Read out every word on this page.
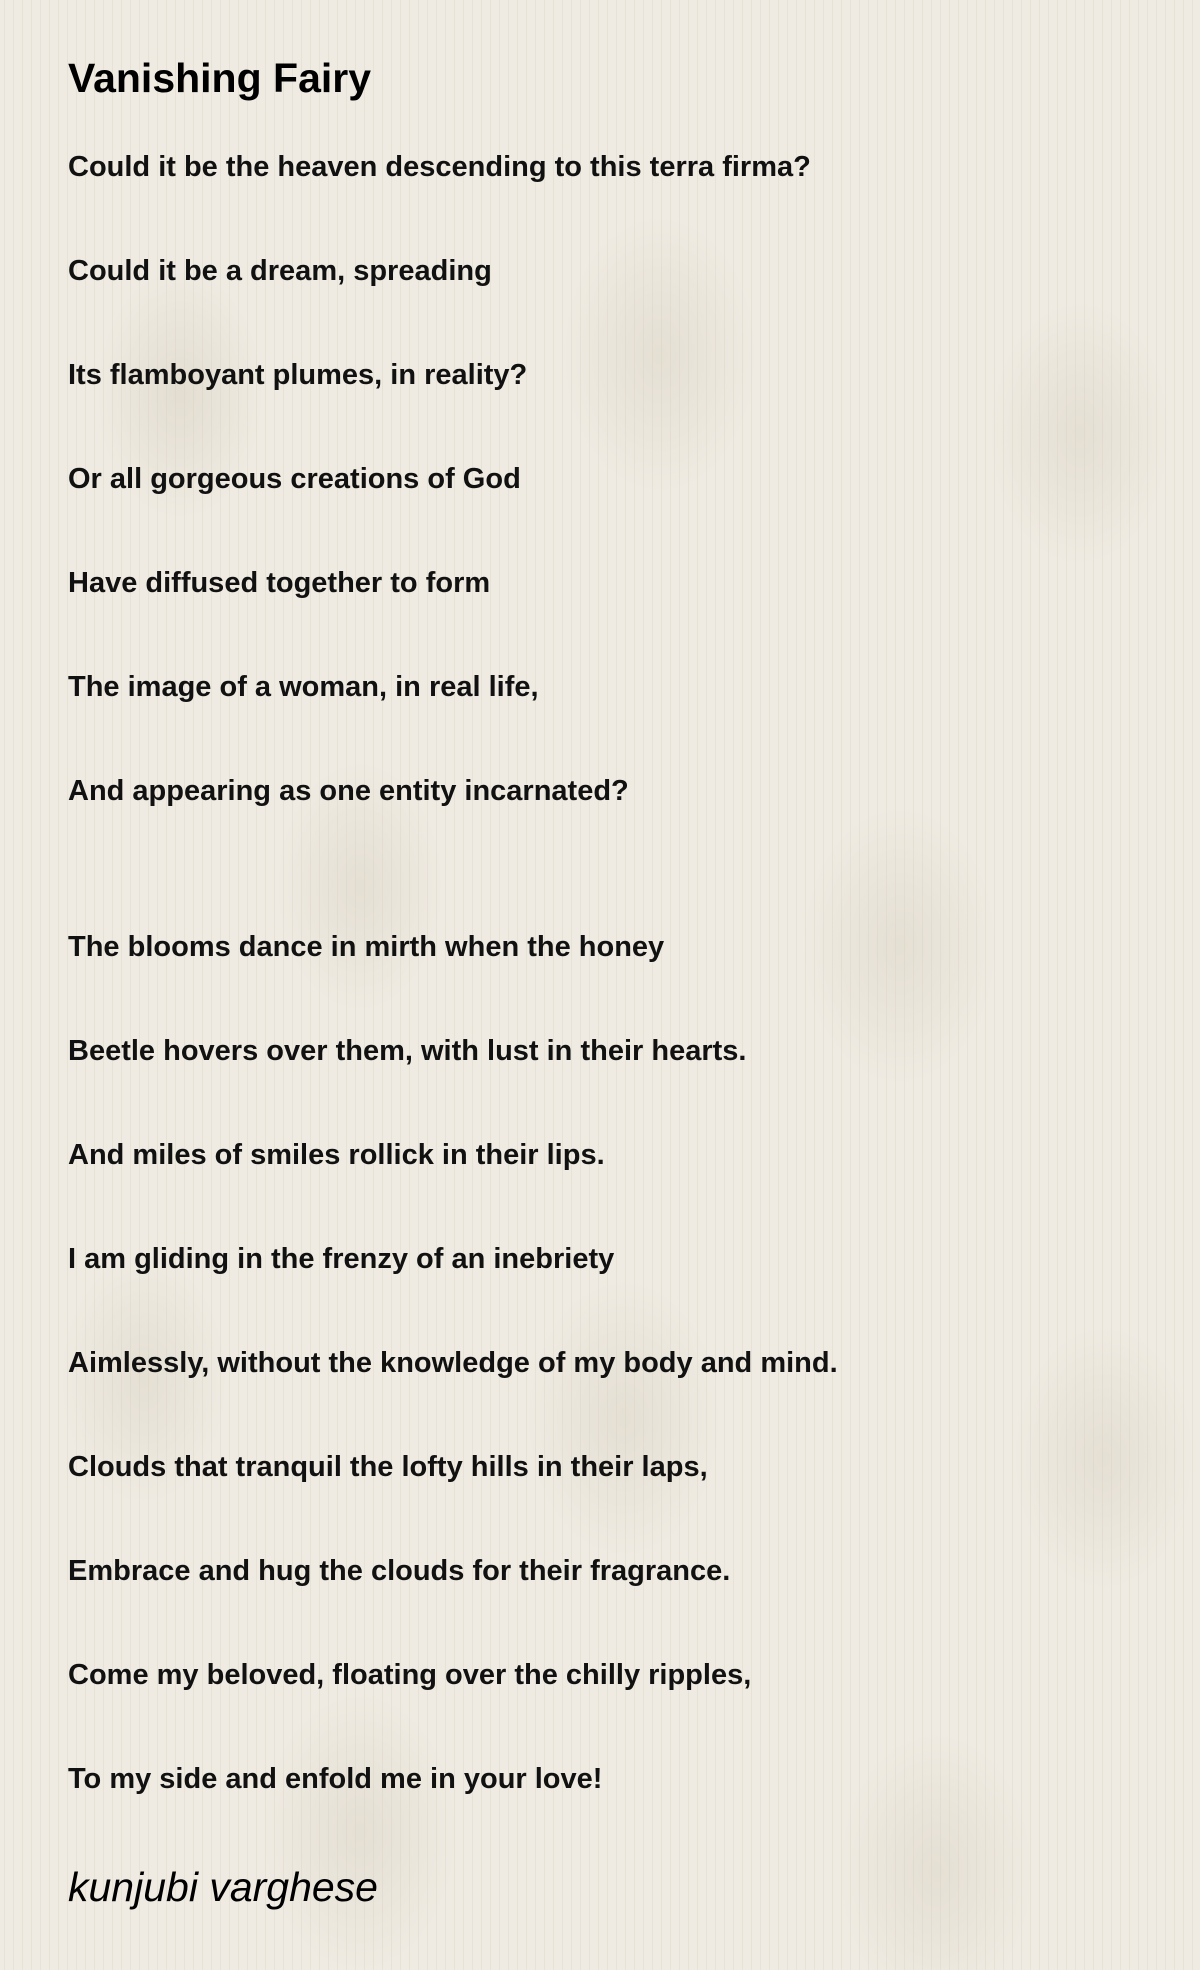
Vanishing Fairy

Could it be the heaven descending to this terra firma?

Could it be a dream, spreading

Its flamboyant plumes, in reality?

Or all gorgeous creations of God

Have diffused together to form

The image of a woman, in real life,

And appearing as one entity incarnated?

The blooms dance in mirth when the honey

Beetle hovers over them, with lust in their hearts.

And miles of smiles rollick in their lips.

I am gliding in the frenzy of an inebriety

Aimlessly, without the knowledge of my body and mind.

Clouds that tranquil the lofty hills in their laps,

Embrace and hug the clouds for their fragrance.

Come my beloved, floating over the chilly ripples,

To my side and enfold me in your love!

kunjubi varghese
